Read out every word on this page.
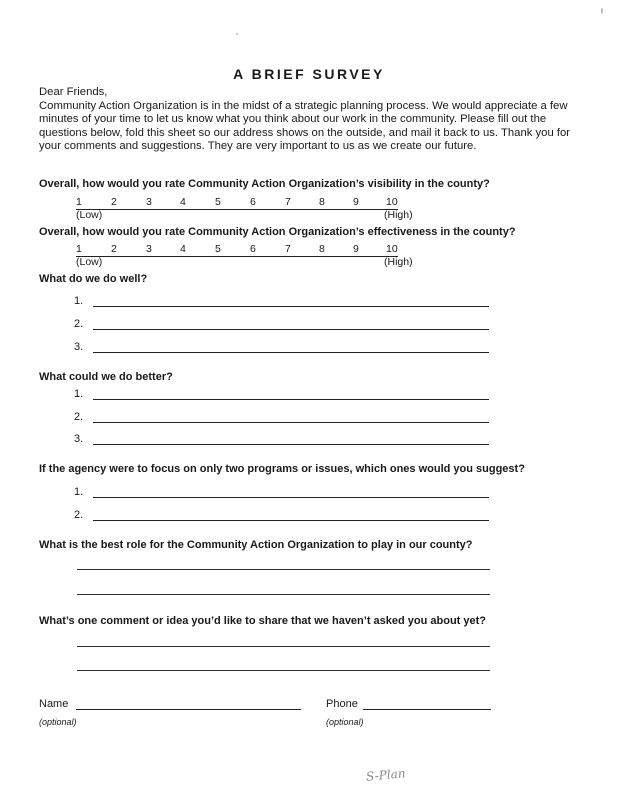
A BRIEF SURVEY

Dear Friends,

Community Action Organization is in the midst of a strategic planning process. We would appreciate a few minutes of your time to let us know what you think about our work in the community. Please fill out the questions below, fold this sheet so our address shows on the outside, and mail it back to us. Thank you for your comments and suggestions. They are very important to us as we create our future.

Overall, how would you rate Community Action Organization’s visibility in the county?
1	2	3	4	5	6	7	8	9	10
(Low)	(High)
Overall, how would you rate Community Action Organization’s effectiveness in the county?
1	2	3	4	5	6	7	8	9	10
(Low)	(High)
What do we do well?
1.
2.
3.
What could we do better?
1.
2.
3.
If the agency were to focus on only two programs or issues, which ones would you suggest?
1.
2.
What is the best role for the Community Action Organization to play in our county?
What’s one comment or idea you’d like to share that we haven’t asked you about yet?
Name
(optional)
Phone
(optional)
S-Plan
